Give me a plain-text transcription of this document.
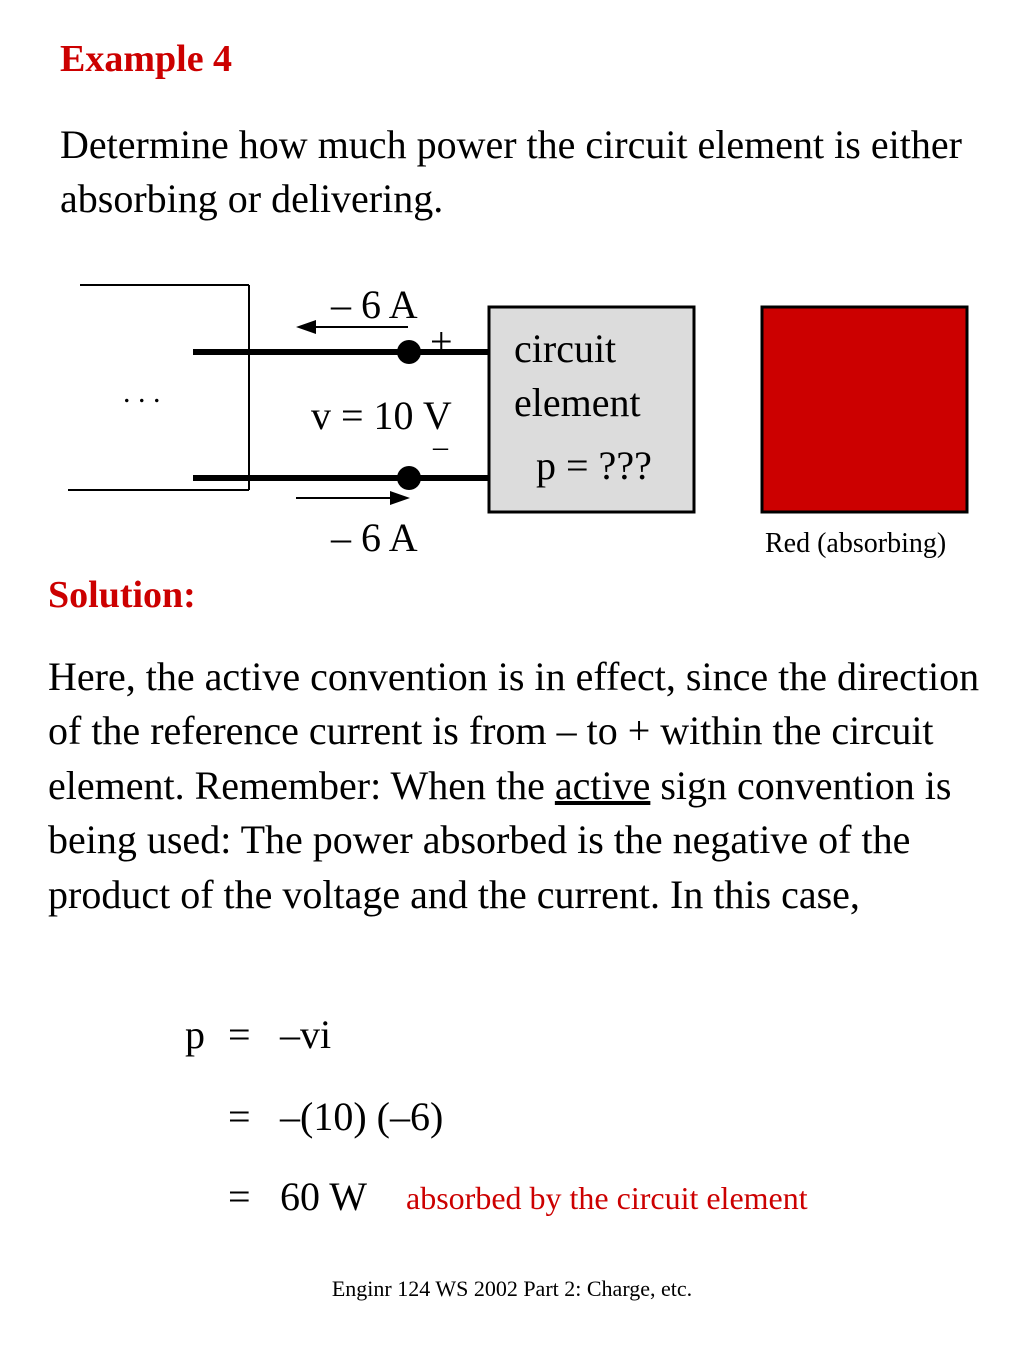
Example 4
Determine how much power the circuit element is either absorbing or delivering.
. . .
– 6 A
+
v = 10 V
–
– 6 A
circuit
element
p = ???
Red (absorbing)
Solution:
Here, the active convention is in effect, since the direction of the reference current is from – to + within the circuit element. Remember: When the active sign convention is being used: The power absorbed is the negative of the product of the voltage and the current. In this case,
p = –vi
= –(10) (–6)
= 60 W absorbed by the circuit element
Enginr 124 WS 2002 Part 2: Charge, etc.
